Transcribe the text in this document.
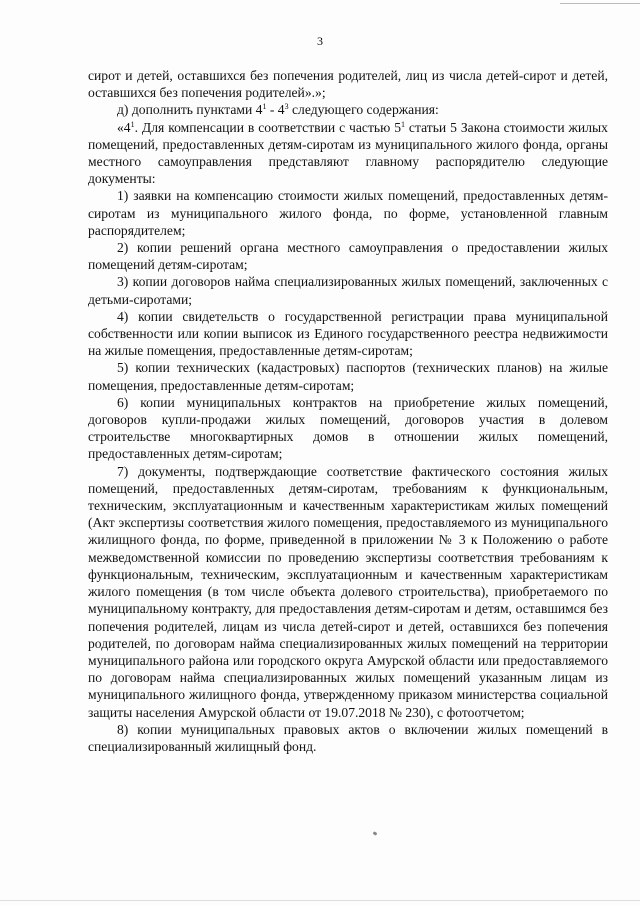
3

сирот и детей, оставшихся без попечения родителей, лиц из числа детей-сирот и детей, оставшихся без попечения родителей».»;

д) дополнить пунктами $4^1 - 4^3$ следующего содержания:

«$4^1$. Для компенсации в соответствии с частью $5^1$ статьи 5 Закона стоимости жилых помещений, предоставленных детям-сиротам из муниципального жилого фонда, органы местного самоуправления представляют главному распорядителю следующие документы:

1) заявки на компенсацию стоимости жилых помещений, предоставленных детям-сиротам из муниципального жилого фонда, по форме, установленной главным распорядителем;

2) копии решений органа местного самоуправления о предоставлении жилых помещений детям-сиротам;

3) копии договоров найма специализированных жилых помещений, заключенных с детьми-сиротами;

4) копии свидетельств о государственной регистрации права муниципальной собственности или копии выписок из Единого государственного реестра недвижимости на жилые помещения, предоставленные детям-сиротам;

5) копии технических (кадастровых) паспортов (технических планов) на жилые помещения, предоставленные детям-сиротам;

6) копии муниципальных контрактов на приобретение жилых помещений, договоров купли-продажи жилых помещений, договоров участия в долевом строительстве многоквартирных домов в отношении жилых помещений, предоставленных детям-сиротам;

7) документы, подтверждающие соответствие фактического состояния жилых помещений, предоставленных детям-сиротам, требованиям к функциональным, техническим, эксплуатационным и качественным характеристикам жилых помещений (Акт экспертизы соответствия жилого помещения, предоставляемого из муниципального жилищного фонда, по форме, приведенной в приложении № 3 к Положению о работе межведомственной комиссии по проведению экспертизы соответствия требованиям к функциональным, техническим, эксплуатационным и качественным характеристикам жилого помещения (в том числе объекта долевого строительства), приобретаемого по муниципальному контракту, для предоставления детям-сиротам и детям, оставшимся без попечения родителей, лицам из числа детей-сирот и детей, оставшихся без попечения родителей, по договорам найма специализированных жилых помещений на территории муниципального района или городского округа Амурской области или предоставляемого по договорам найма специализированных жилых помещений указанным лицам из муниципального жилищного фонда, утвержденному приказом министерства социальной защиты населения Амурской области от 19.07.2018 № 230), с фотоотчетом;

8) копии муниципальных правовых актов о включении жилых помещений в специализированный жилищный фонд.
